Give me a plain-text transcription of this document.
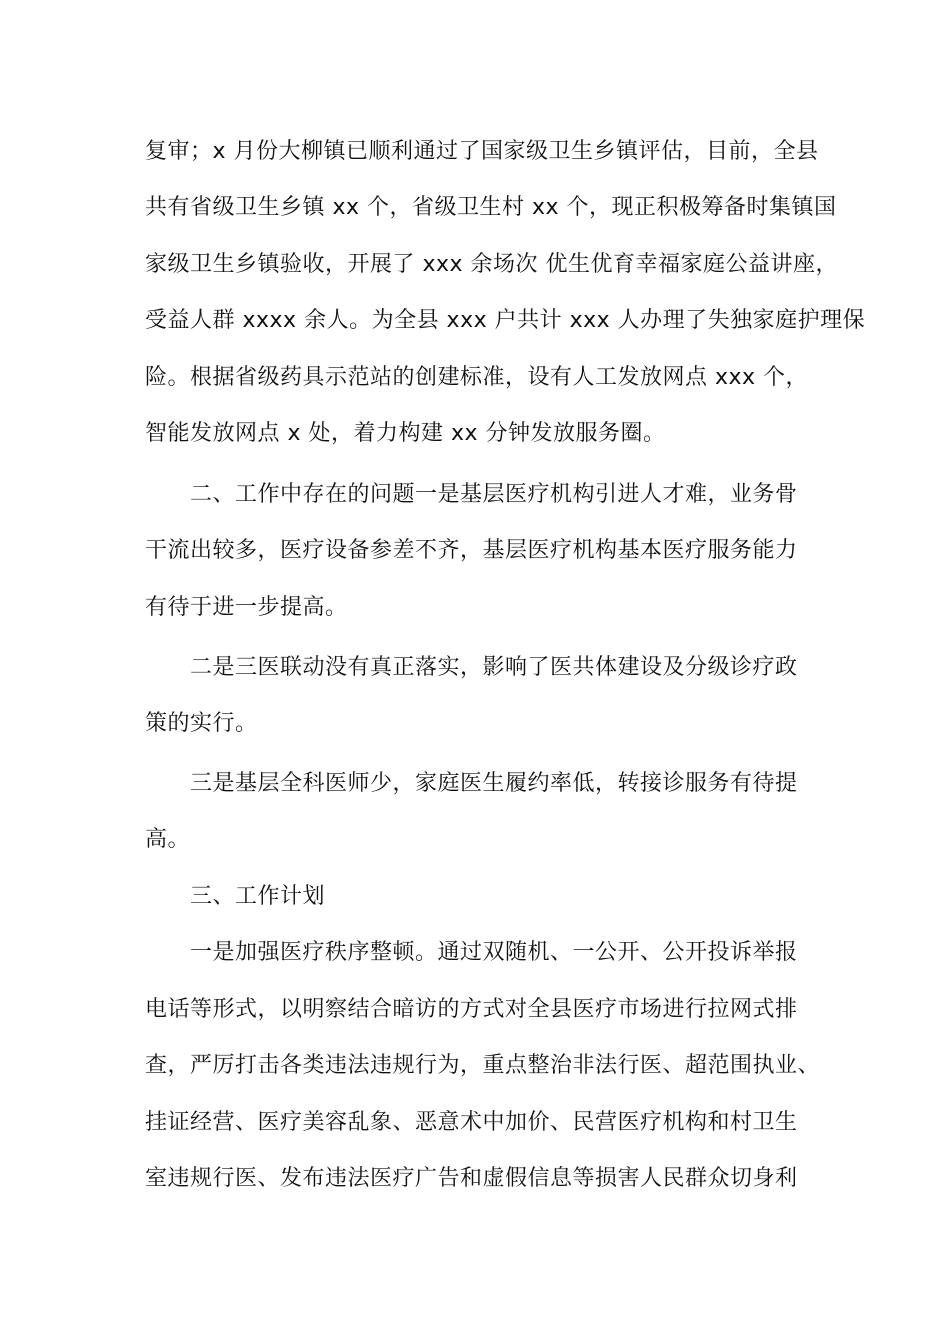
复审；x 月份大柳镇已顺利通过了国家级卫生乡镇评估，目前，全县
共有省级卫生乡镇 xx 个，省级卫生村 xx 个，现正积极筹备时集镇国
家级卫生乡镇验收，开展了 xxx 余场次 优生优育幸福家庭公益讲座，
受益人群 xxxx 余人。为全县 xxx 户共计 xxx 人办理了失独家庭护理保
险。根据省级药具示范站的创建标准，设有人工发放网点 xxx 个，
智能发放网点 x 处，着力构建 xx 分钟发放服务圈。
二、工作中存在的问题一是基层医疗机构引进人才难，业务骨
干流出较多，医疗设备参差不齐，基层医疗机构基本医疗服务能力
有待于进一步提高。
二是三医联动没有真正落实，影响了医共体建设及分级诊疗政
策的实行。
三是基层全科医师少，家庭医生履约率低，转接诊服务有待提
高。
三、工作计划
一是加强医疗秩序整顿。通过双随机、一公开、公开投诉举报
电话等形式，以明察结合暗访的方式对全县医疗市场进行拉网式排
查，严厉打击各类违法违规行为，重点整治非法行医、超范围执业、
挂证经营、医疗美容乱象、恶意术中加价、民营医疗机构和村卫生
室违规行医、发布违法医疗广告和虚假信息等损害人民群众切身利
